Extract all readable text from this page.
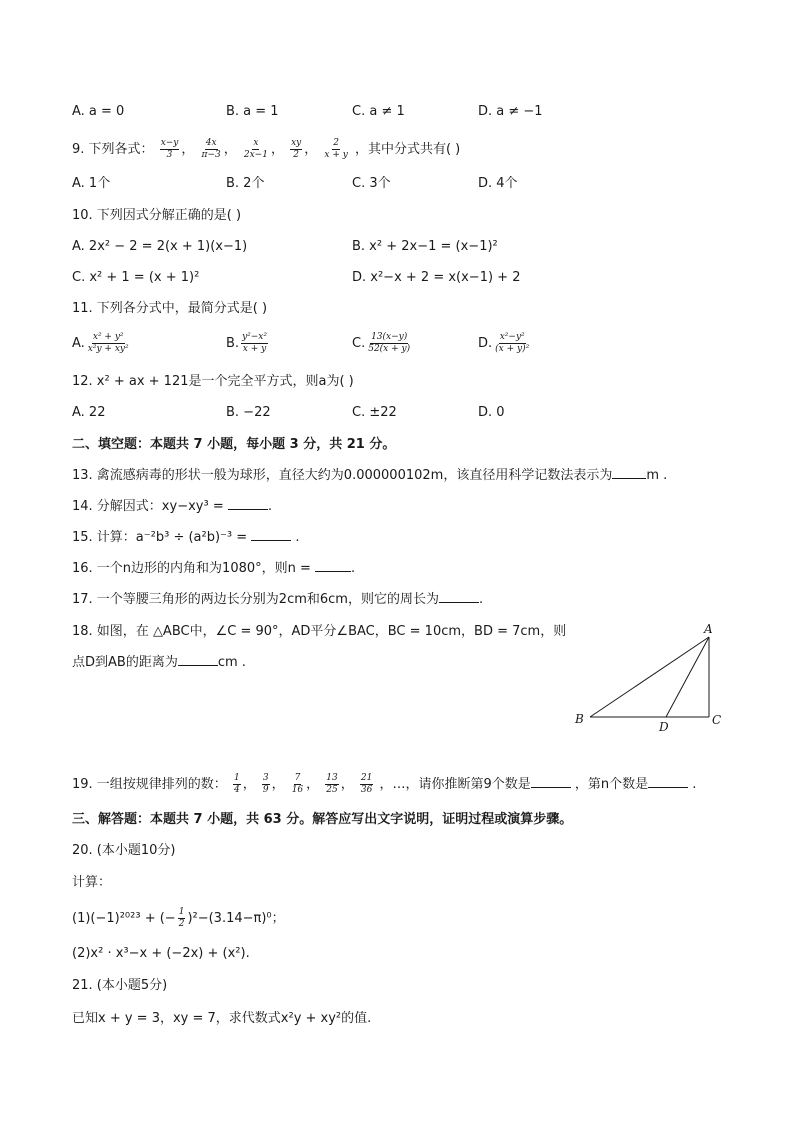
A. a = 0	B. a = 1	C. a ≠ 1	D. a ≠ −1
9. 下列各式： $\frac{x-y}{3}$ ， $\frac{4x}{\pi-3}$ ， $\frac{x}{2x-1}$ ， $\frac{xy}{2}$ ， $\frac{2}{x + y}$ ，其中分式共有( )
A. 1个	B. 2个	C. 3个	D. 4个
10. 下列因式分解正确的是( )
A. 2x² − 2 = 2(x + 1)(x−1)	B. x² + 2x−1 = (x−1)²
C. x² + 1 = (x + 1)²	D. x²−x + 2 = x(x−1) + 2
11. 下列各分式中，最简分式是( )
A. $\frac{\text{x² + y²}}{\text{x²y + xy²}}$	B. $\frac{\text{y²−x²}}{x + y}$	C. $\frac{13(x-y)}{52(x + y)}$	D. $\frac{\text{x²−y²}}{\text{(x + y)²}}$
12. x² + ax + 121是一个完全平方式，则a为( )
A. 22	B. −22	C. ±22	D. 0
二、填空题：本题共 7 小题，每小题 3 分，共 21 分。
13. 禽流感病毒的形状一般为球形，直径大约为0.000000102m，该直径用科学记数法表示为	m .
14. 分解因式：xy−xy³ =	.
15. 计算：a⁻²b³ ÷ (a²b)⁻³ =	.
16. 一个n边形的内角和为1080°，则n =	.
17. 一个等腰三角形的两边长分别为2cm和6cm，则它的周长为	.
18. 如图，在 △ABC中，∠C = 90°，AD平分∠BAC，BC = 10cm，BD = 7cm，则
点D到AB的距离为	cm .
A
B	C
D
19. 一组按规律排列的数： $\frac{1}{4}$ ， $\frac{3}{9}$ ， $\frac{7}{16}$ ， $\frac{13}{25}$ ， $\frac{21}{36}$ ，…，请你推断第9个数是	，第n个数是	.
三、解答题：本题共 7 小题，共 63 分。解答应写出文字说明，证明过程或演算步骤。
20. (本小题10分)
计算：
(1)(−1)²⁰²³ + (− $\frac{1}{2} )^2-(3.14-\pi)^0$；
(2)x² · x³−x + (−2x) + (x²).
21. (本小题5分)
已知x + y = 3，xy = 7，求代数式x²y + xy²的值.
